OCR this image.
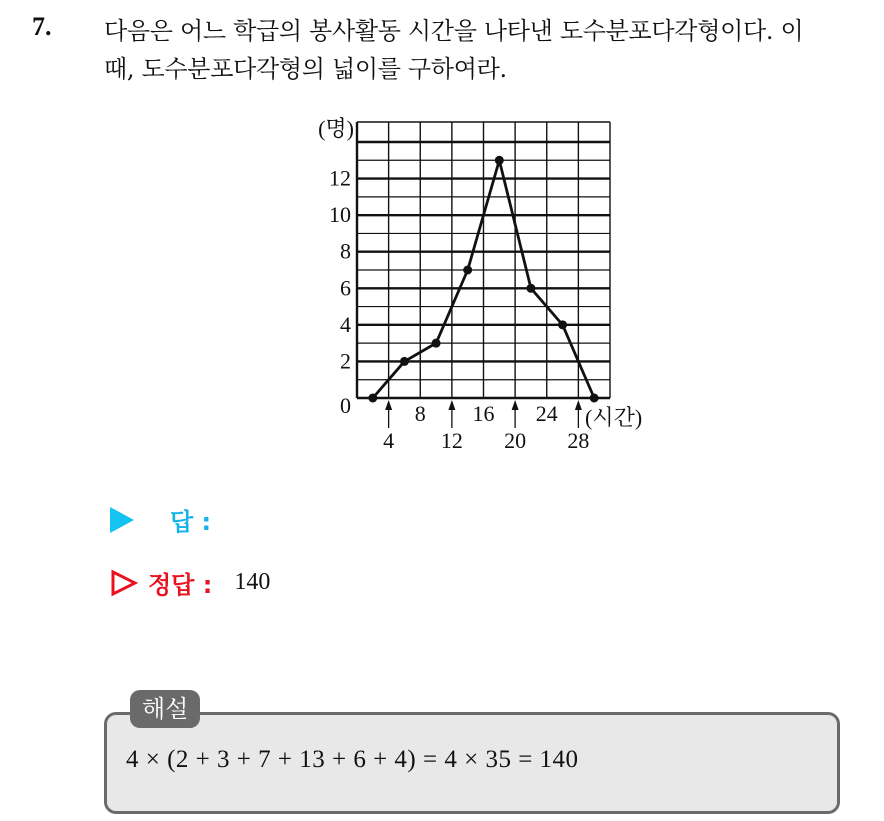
7. 다음은 어느 학급의 봉사활동 시간을 나타낸 도수분포다각형이다. 이
때, 도수분포다각형의 넓이를 구하여라.
0
2
4
6
8
10
12
(명)
8 16 24
4 12 20 28
(시간)
답 :
정답 : 140
해설
4 × (2 + 3 + 7 + 13 + 6 + 4) = 4 × 35 = 140
